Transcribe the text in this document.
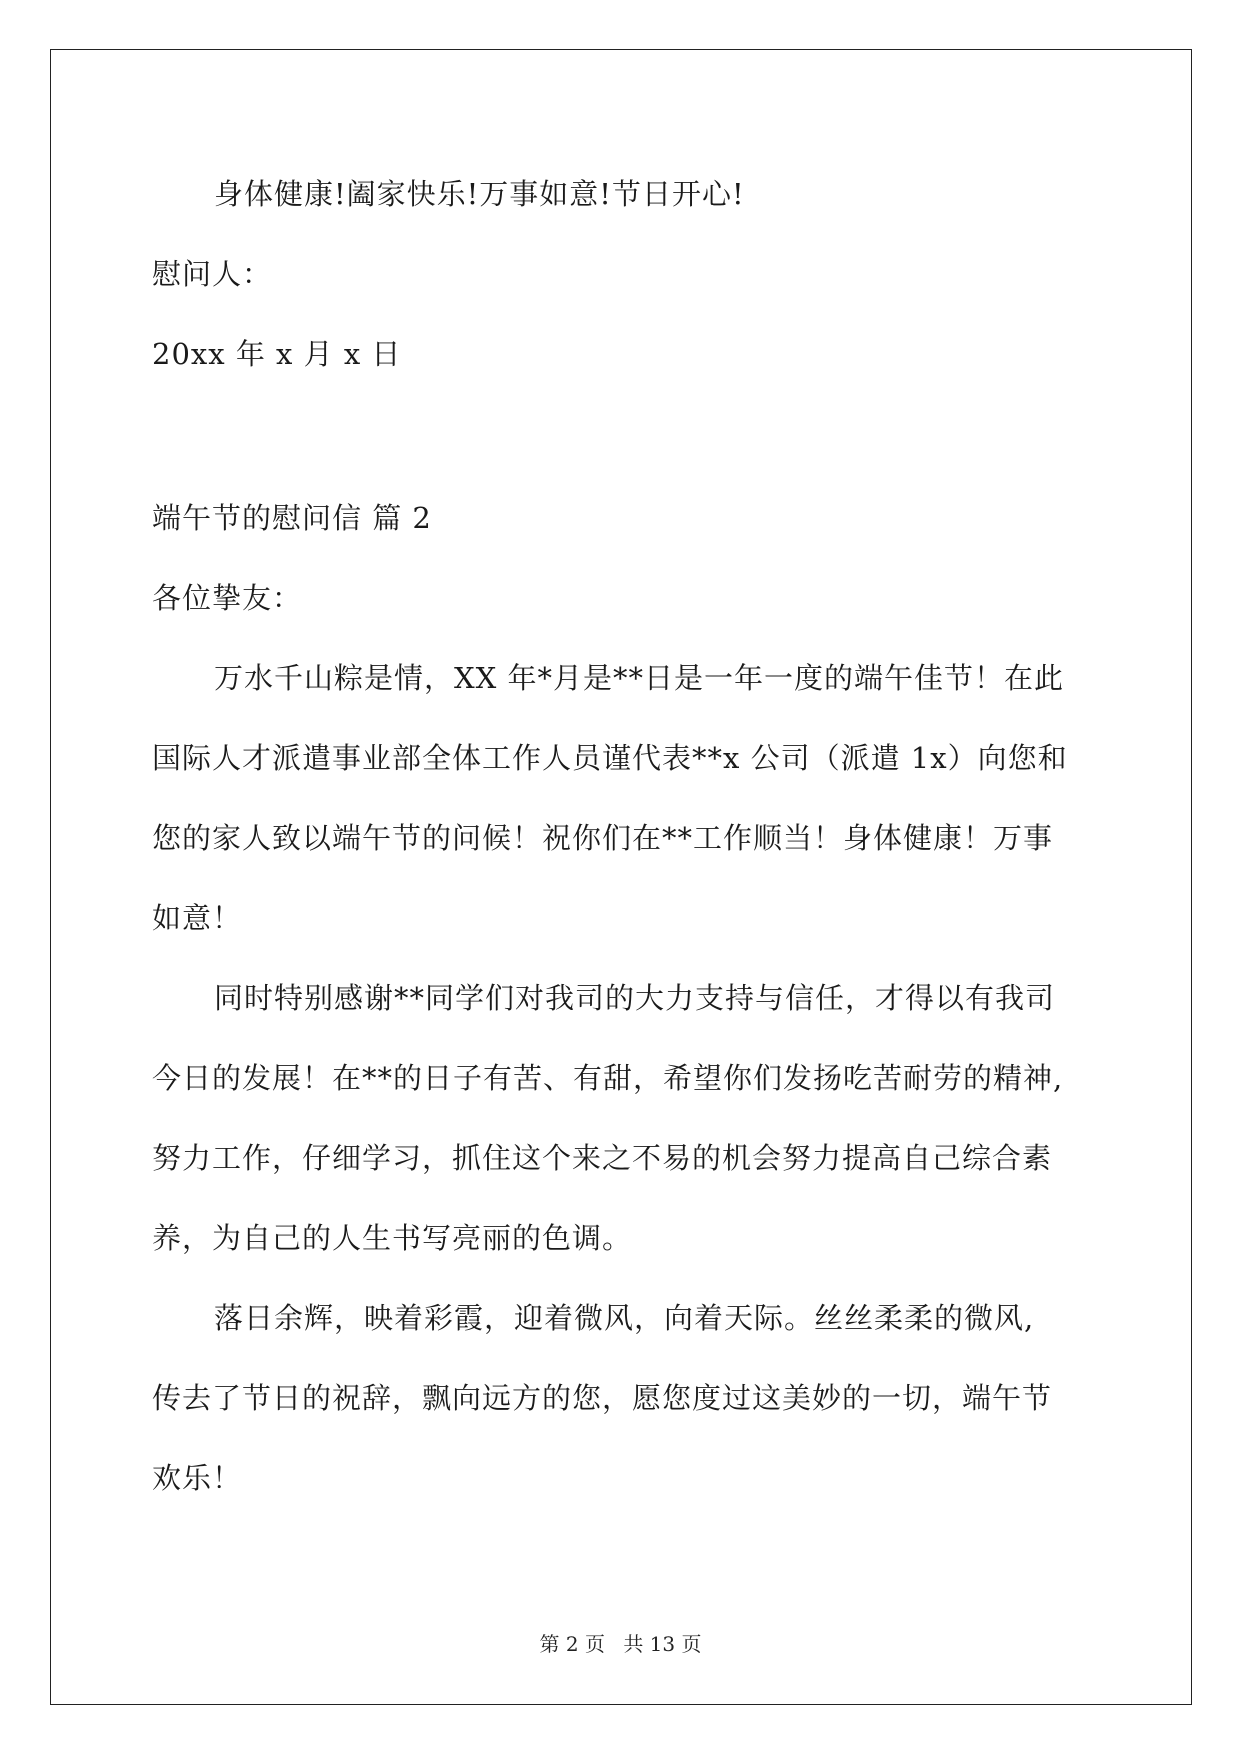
身体健康!阖家快乐!万事如意!节日开心!
慰问人：
20xx 年 x 月 x 日
端午节的慰问信 篇 2
各位挚友：
万水千山粽是情，XX 年*月是**日是一年一度的端午佳节！在此
国际人才派遣事业部全体工作人员谨代表**x 公司（派遣 1x）向您和
您的家人致以端午节的问候！祝你们在**工作顺当！身体健康！万事
如意！
同时特别感谢**同学们对我司的大力支持与信任，才得以有我司
今日的发展！在**的日子有苦、有甜，希望你们发扬吃苦耐劳的精神,
努力工作，仔细学习，抓住这个来之不易的机会努力提高自己综合素
养，为自己的人生书写亮丽的色调。
落日余辉，映着彩霞，迎着微风，向着天际。丝丝柔柔的微风,
传去了节日的祝辞，飘向远方的您，愿您度过这美妙的一切，端午节
欢乐！
第 2 页 共 13 页
